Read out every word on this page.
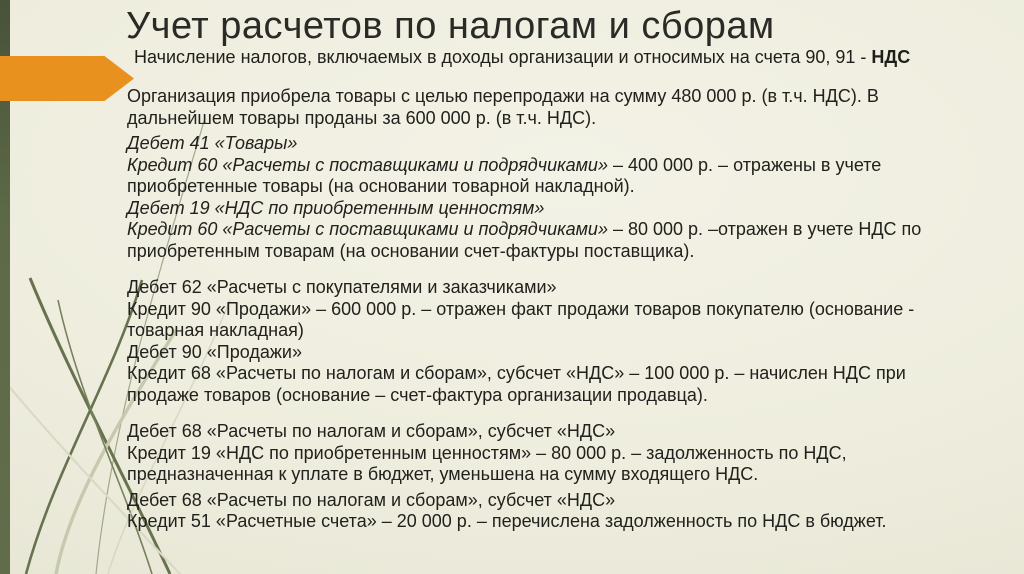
Учет расчетов по налогам и сборам
Начисление налогов, включаемых в доходы организации и относимых на счета 90, 91 - НДС
Организация приобрела товары с целью перепродажи на сумму 480 000 р. (в т.ч. НДС). В
дальнейшем товары проданы за 600 000 р. (в т.ч. НДС).
Дебет 41 «Товары»
Кредит 60 «Расчеты с поставщиками и подрядчиками» – 400 000 р. – отражены в учете
приобретенные товары (на основании товарной накладной).
Дебет 19 «НДС по приобретенным ценностям»
Кредит 60 «Расчеты с поставщиками и подрядчиками» – 80 000 р. –отражен в учете НДС по
приобретенным товарам (на основании счет-фактуры поставщика).
Дебет 62 «Расчеты с покупателями и заказчиками»
Кредит 90 «Продажи» – 600 000 р. – отражен факт продажи товаров покупателю (основание -
товарная накладная)
Дебет 90 «Продажи»
Кредит 68 «Расчеты по налогам и сборам», субсчет «НДС» – 100 000 р. – начислен НДС при
продаже товаров (основание – счет-фактура организации продавца).
Дебет 68 «Расчеты по налогам и сборам», субсчет «НДС»
Кредит 19 «НДС по приобретенным ценностям» – 80 000 р. – задолженность по НДС,
предназначенная к уплате в бюджет, уменьшена на сумму входящего НДС.
Дебет 68 «Расчеты по налогам и сборам», субсчет «НДС»
Кредит 51 «Расчетные счета» – 20 000 р. – перечислена задолженность по НДС в бюджет.
